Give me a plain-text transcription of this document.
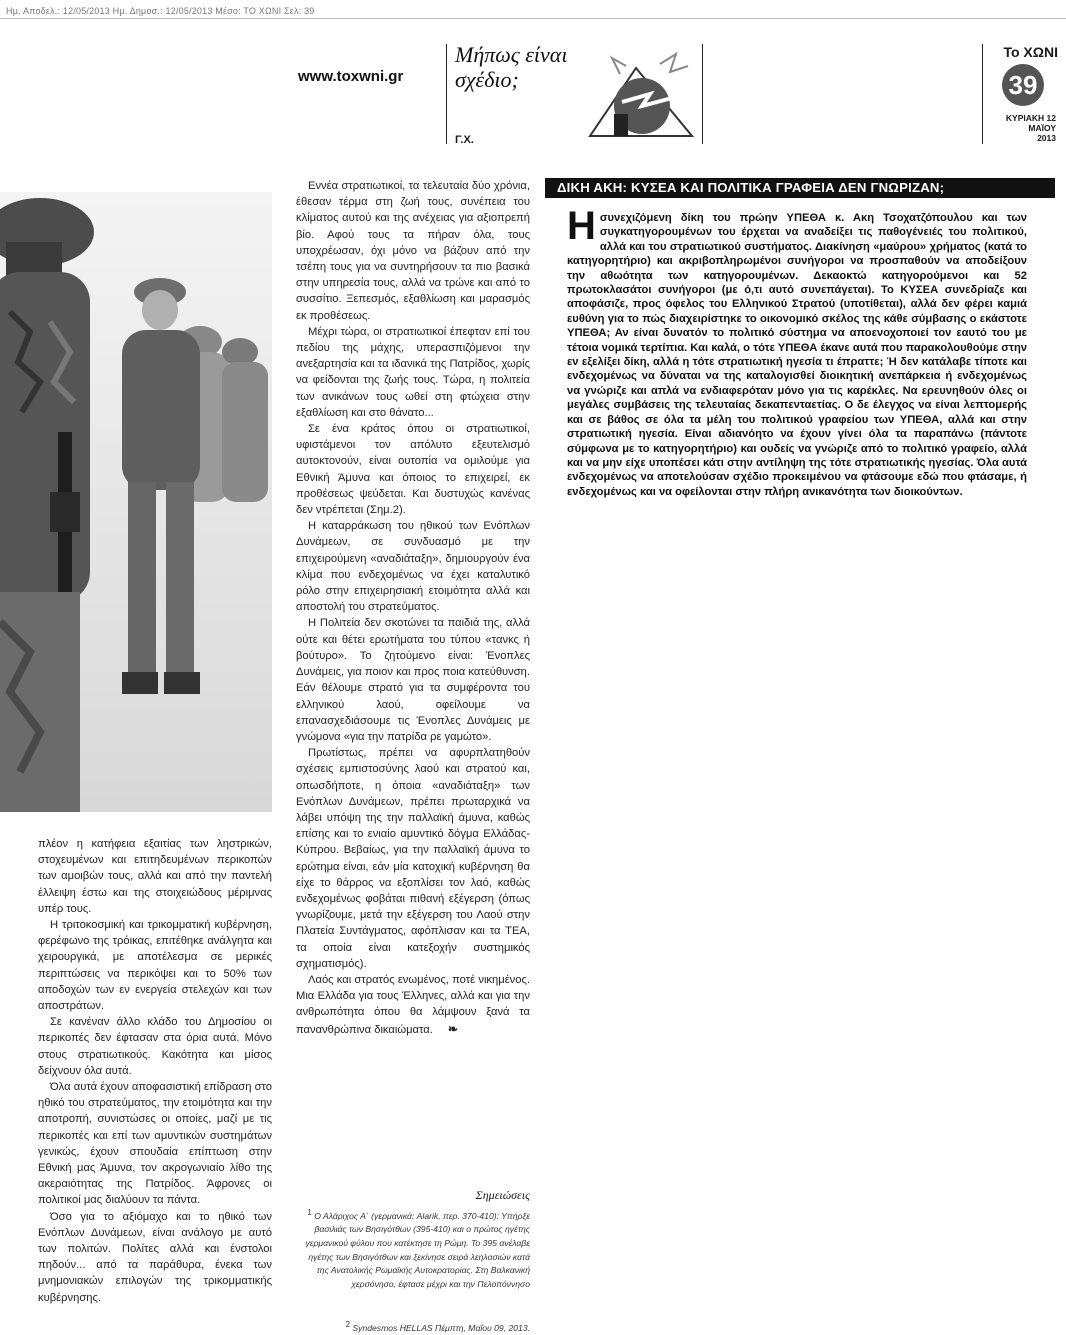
Ημ. Αποδελ.: 12/05/2013 Ημ. Δημοσ.: 12/05/2013 Μέσο: ΤΟ ΧΩΝΙ Σελ: 39
www.toxwni.gr
Μήπως είναι σχέδιο;
Γ.Χ.
Το ΧΩΝΙ
39
ΚΥΡΙΑΚΗ 12
ΜΑΪΟΥ
2013

πλέον η κατήφεια εξαιτίας των ληστρικών, στοχευμένων και επιτηδευμένων περικοπών των αμοιβών τους, αλλά και από την παντελή έλλειψη έστω και της στοιχειώδους μέριμνας υπέρ τους.

Η τριτοκοσμική και τρικομματική κυβέρνηση, φερέφωνο της τρόικας, επιτέθηκε ανάλγητα και χειρουργικά, με αποτέλεσμα σε μερικές περιπτώσεις να περικόψει και το 50% των αποδοχών των εν ενεργεία στελεχών και των αποστράτων.

Σε κανέναν άλλο κλάδο του Δημοσίου οι περικοπές δεν έφτασαν στα όρια αυτά. Μόνο στους στρατιωτικούς. Κακότητα και μίσος δείχνουν όλα αυτά.

Όλα αυτά έχουν αποφασιστική επίδραση στο ηθικό του στρατεύματος, την ετοιμότητα και την αποτροπή, συνιστώσες οι οποίες, μαζί με τις περικοπές και επί των αμυντικών συστημάτων γενικώς, έχουν σπουδαία επίπτωση στην Εθνική μας Άμυνα, τον ακρογωνιαίο λίθο της ακεραιότητας της Πατρίδος. Άφρονες οι πολιτικοί μας διαλύουν τα πάντα.

Όσο για το αξιόμαχο και το ηθικό των Ενόπλων Δυνάμεων, είναι ανάλογο με αυτό των πολιτών. Πολίτες αλλά και ένστολοι πηδούν... από τα παράθυρα, ένεκα των μνημονιακών επιλογών της τρικομματικής κυβέρνησης.

Εννέα στρατιωτικοί, τα τελευταία δύο χρόνια, έθεσαν τέρμα στη ζωή τους, συνέπεια του κλίματος αυτού και της ανέχειας για αξιοπρεπή βίο. Αφού τους τα πήραν όλα, τους υποχρέωσαν, όχι μόνο να βάζουν από την τσέπη τους για να συντηρήσουν τα πιο βασικά στην υπηρεσία τους, αλλά να τρώνε και από το συσσίτιο. Ξεπεσμός, εξαθλίωση και μαρασμός εκ προθέσεως.

Μέχρι τώρα, οι στρατιωτικοί έπεφταν επί του πεδίου της μάχης, υπερασπιζόμενοι την ανεξαρτησία και τα ιδανικά της Πατρίδος, χωρίς να φείδονται της ζωής τους. Τώρα, η πολιτεία των ανικάνων τους ωθεί στη φτώχεια στην εξαθλίωση και στο θάνατο...

Σε ένα κράτος όπου οι στρατιωτικοί, υφιστάμενοι τον απόλυτο εξευτελισμό αυτοκτονούν, είναι ουτοπία να ομιλούμε για Εθνική Άμυνα και όποιος το επιχειρεί, εκ προθέσεως ψεύδεται. Και δυστυχώς κανένας δεν ντρέπεται (Σημ.2).

Η καταρράκωση του ηθικού των Ενόπλων Δυνάμεων, σε συνδυασμό με την επιχειρούμενη «αναδιάταξη», δημιουργούν ένα κλίμα που ενδεχομένως να έχει καταλυτικό ρόλο στην επιχειρησιακή ετοιμότητα αλλά και αποστολή του στρατεύματος.

Η Πολιτεία δεν σκοτώνει τα παιδιά της, αλλά ούτε και θέτει ερωτήματα του τύπου «τανκς ή βούτυρο». Το ζητούμενο είναι: Ένοπλες Δυνάμεις, για ποιον και προς ποια κατεύθυνση. Εάν θέλουμε στρατό για τα συμφέροντα του ελληνικού λαού, οφείλουμε να επανασχεδιάσουμε τις Ένοπλες Δυνάμεις με γνώμονα «για την πατρίδα ρε γαμώτο».

Πρωτίστως, πρέπει να αφυρπλατηθούν σχέσεις εμπιστοσύνης λαού και στρατού και, οπωσδήποτε, η όποια «αναδιάταξη» των Ενόπλων Δυνάμεων, πρέπει πρωταρχικά να λάβει υπόψη της την παλλαϊκή άμυνα, καθώς επίσης και το ενιαίο αμυντικό δόγμα Ελλάδας-Κύπρου. Βεβαίως, για την παλλαϊκή άμυνα το ερώτημα είναι, εάν μία κατοχική κυβέρνηση θα είχε το θάρρος να εξοπλίσει τον λαό, καθώς ενδεχομένως φοβάται πιθανή εξέγερση (όπως γνωρίζουμε, μετά την εξέγερση του Λαού στην Πλατεία Συντάγματος, αφόπλισαν και τα ΤΕΑ, τα οποία είναι κατεξοχήν συστημικός σχηματισμός).

Λαός και στρατός ενωμένος, ποτέ νικημένος. Μια Ελλάδα για τους Έλληνες, αλλά και για την ανθρωπότητα όπου θα λάμψουν ξανά τα πανανθρώπινα δικαιώματα. ❧

Σημειώσεις
$^1$ Ο Αλάριχος Α΄ (γερμανικά: Alarik, περ. 370-410): Υπήρξε βασιλιάς των Βησιγότθων (395-410) και ο πρώτος ηγέτης γερμανικού φύλου που κατέκτησε τη Ρώμη. Το 395 ανέλαβε ηγέτης των Βησιγότθων και ξεκίνησε σειρά λεηλασιών κατά της Ανατολικής Ρωμαϊκής Αυτοκρατορίας. Στη Βαλκανική χερσόνησο, έφτασε μέχρι και την Πελοπόννησο
$^2$ Syndesmos HELLAS Πέμπτη, Μαΐου 09, 2013.
ΔΙΚΗ ΑΚΗ: ΚΥΣΕΑ ΚΑΙ ΠΟΛΙΤΙΚΑ ΓΡΑΦΕΙΑ ΔΕΝ ΓΝΩΡΙΖΑΝ;
Η συνεχιζόμενη δίκη του πρώην ΥΠΕΘΑ κ. Ακη Τσοχατζόπουλου και των συγκατηγορουμένων του έρχεται να αναδείξει τις παθογένειές του πολιτικού, αλλά και του στρατιωτικού συστήματος. Διακίνηση «μαύρου» χρήματος (κατά το κατηγορητήριο) και ακριβοπληρωμένοι συνήγοροι να προσπαθούν να αποδείξουν την αθωότητα των κατηγορουμένων. Δεκαοκτώ κατηγορούμενοι και 52 πρωτοκλασάτοι συνήγοροι (με ό,τι αυτό συνεπάγεται). Το ΚΥΣΕΑ συνεδρίαζε και αποφάσιζε, προς όφελος του Ελληνικού Στρατού (υποτίθεται), αλλά δεν φέρει καμιά ευθύνη για το πώς διαχειρίστηκε το οικονομικό σκέλος της κάθε σύμβασης ο εκάστοτε ΥΠΕΘΑ; Αν είναι δυνατόν το πολιτικό σύστημα να αποενοχοποιεί τον εαυτό του με τέτοια νομικά τερτίπια. Και καλά, ο τότε ΥΠΕΘΑ έκανε αυτά που παρακολουθούμε στην εν εξελίξει δίκη, αλλά η τότε στρατιωτική ηγεσία τι έπραττε; Ή δεν κατάλαβε τίποτε και ενδεχομένως να δύναται να της καταλογισθεί διοικητική ανεπάρκεια ή ενδεχομένως να γνώριζε και απλά να ενδιαφερόταν μόνο για τις καρέκλες. Να ερευνηθούν όλες οι μεγάλες συμβάσεις της τελευταίας δεκαπενταετίας. Ο δε έλεγχος να είναι λεπτομερής και σε βάθος σε όλα τα μέλη του πολιτικού γραφείου των ΥΠΕΘΑ, αλλά και στην στρατιωτική ηγεσία. Είναι αδιανόητο να έχουν γίνει όλα τα παραπάνω (πάντοτε σύμφωνα με το κατηγορητήριο) και ουδείς να γνώριζε από το πολιτικό γραφείο, αλλά και να μην είχε υποπέσει κάτι στην αντίληψη της τότε στρατιωτικής ηγεσίας. Όλα αυτά ενδεχομένως να αποτελούσαν σχέδιο προκειμένου να φτάσουμε εδώ που φτάσαμε, ή ενδεχομένως και να οφείλονται στην πλήρη ανικανότητα των διοικούντων.
